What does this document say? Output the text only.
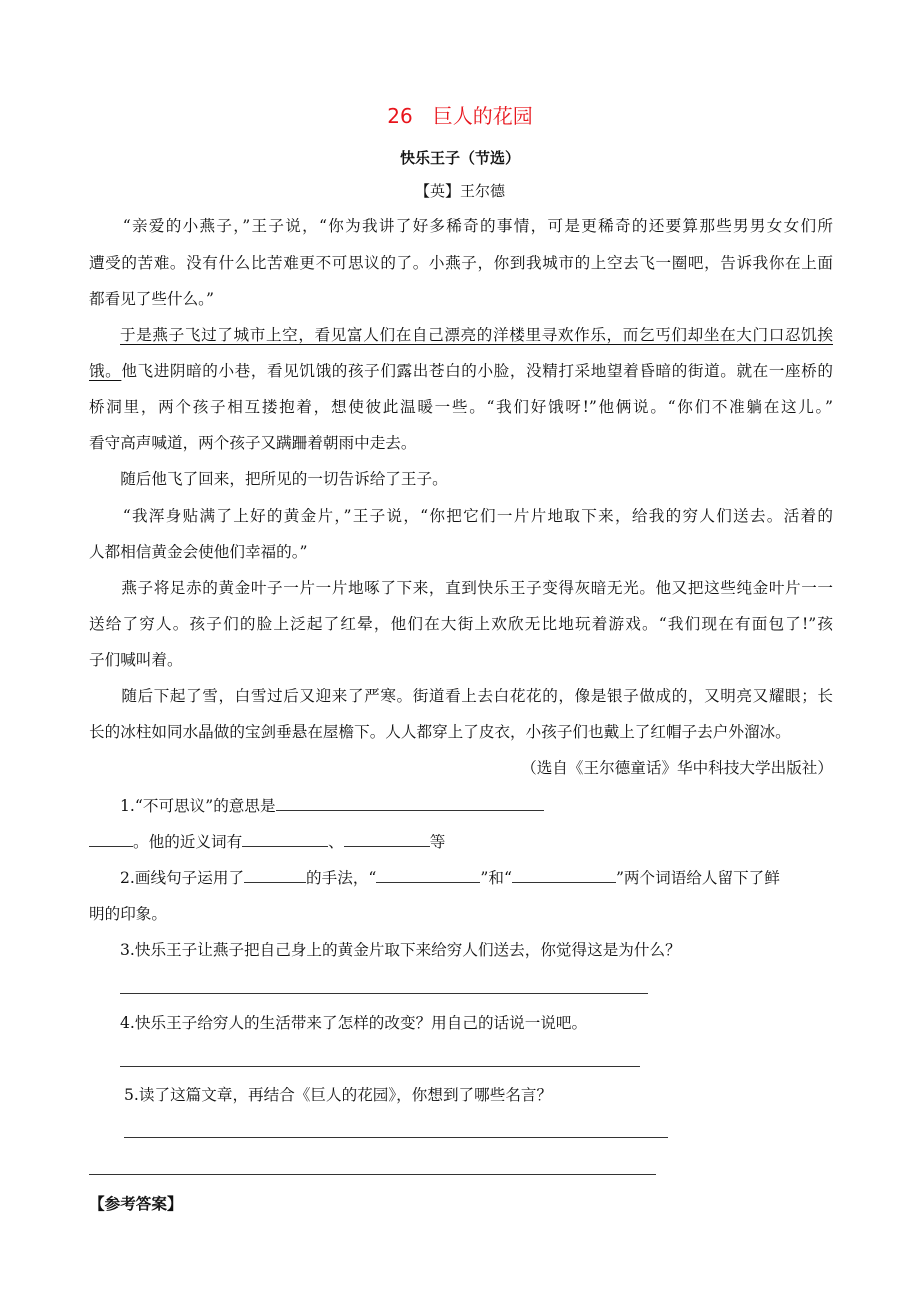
26　巨人的花园
快乐王子（节选）
【英】王尔德
　　“亲爱的小燕子，”王子说，“你为我讲了好多稀奇的事情，可是更稀奇的还要算那些男男女女们所
遭受的苦难。没有什么比苦难更不可思议的了。小燕子，你到我城市的上空去飞一圈吧，告诉我你在上面
都看见了些什么。”
于是燕子飞过了城市上空，看见富人们在自己漂亮的洋楼里寻欢作乐，而乞丐们却坐在大门口忍饥挨
饿。他飞进阴暗的小巷，看见饥饿的孩子们露出苍白的小脸，没精打采地望着昏暗的街道。就在一座桥的
桥洞里，两个孩子相互搂抱着，想使彼此温暖一些。“我们好饿呀!”他俩说。“你们不准躺在这儿。”
看守高声喊道，两个孩子又蹒跚着朝雨中走去。
　　随后他飞了回来，把所见的一切告诉给了王子。
　　“我浑身贴满了上好的黄金片，”王子说，“你把它们一片片地取下来，给我的穷人们送去。活着的
人都相信黄金会使他们幸福的。”
　　燕子将足赤的黄金叶子一片一片地啄了下来，直到快乐王子变得灰暗无光。他又把这些纯金叶片一一
送给了穷人。孩子们的脸上泛起了红晕，他们在大街上欢欣无比地玩着游戏。“我们现在有面包了!”孩
子们喊叫着。
　　随后下起了雪，白雪过后又迎来了严寒。街道看上去白花花的，像是银子做成的，又明亮又耀眼；长
长的冰柱如同水晶做的宝剑垂悬在屋檐下。人人都穿上了皮衣，小孩子们也戴上了红帽子去户外溜冰。
（选自《王尔德童话》华中科技大学出版社）
1.“不可思议”的意思是
。他的近义词有	、	等
2.画线句子运用了	的手法，“	”和“	”两个词语给人留下了鲜
明的印象。
3.快乐王子让燕子把自己身上的黄金片取下来给穷人们送去，你觉得这是为什么？
4.快乐王子给穷人的生活带来了怎样的改变？用自己的话说一说吧。
5.读了这篇文章，再结合《巨人的花园》，你想到了哪些名言？
【参考答案】
